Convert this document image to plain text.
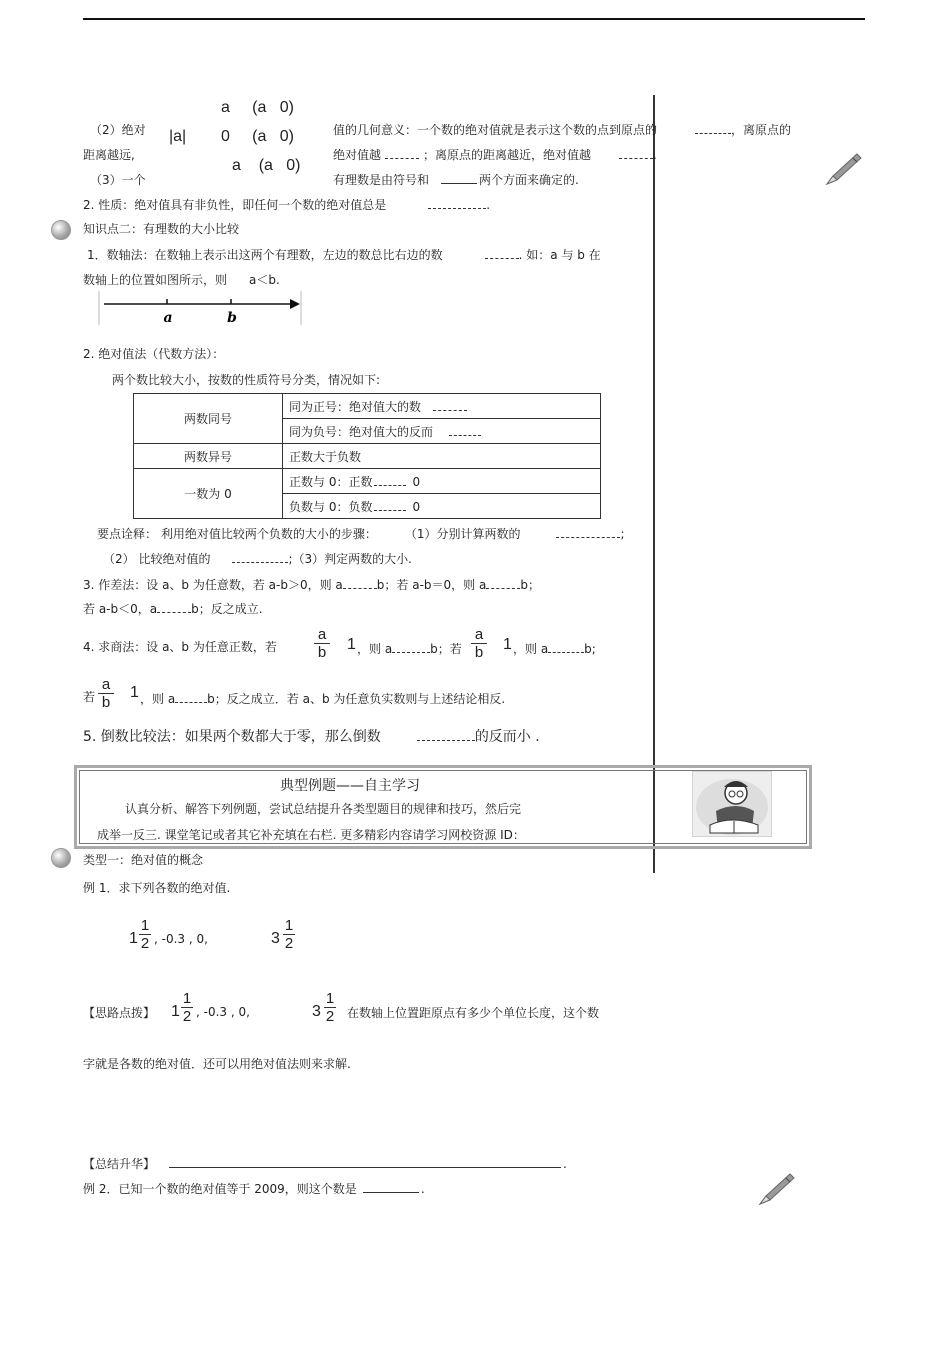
a (a 0)
（2）绝对 |a| 0 (a 0)
距离越远,
a (a 0)
（3）一个
值的几何意义：一个数的绝对值就是表示这个数的点到原点的	，离原点的
绝对值越	；离原点的距离越近，绝对值越	.
有理数是由符号和	两个方面来确定的.
2. 性质：绝对值具有非负性，即任何一个数的绝对值总是	.
知识点二：有理数的大小比较
1．数轴法：在数轴上表示出这两个有理数，左边的数总比右边的数	. 如：a 与 b 在
数轴上的位置如图所示，则 a＜b.
a	b
2. 绝对值法（代数方法）：
两个数比较大小，按数的性质符号分类，情况如下:
两数同号	同为正号：绝对值大的数
	同为负号：绝对值大的反而
两数异号	正数大于负数
一数为 0	正数与 0：正数 0
	负数与 0：负数 0
要点诠释： 利用绝对值比较两个负数的大小的步骤：	（1）分别计算两数的	;
（2） 比较绝对值的	;（3）判定两数的大小.
3. 作差法：设 a、b 为任意数，若 a-b＞0，则 a	b；若 a-b＝0，则 a	b；
若 a-b＜0，a	b；反之成立.
4. 求商法：设 a、b 为任意正数，若 $\frac{a}{b} 1$ ，则 a	b；若 $\frac{a}{b} 1$ ，则 a	b;
若 $\frac{a}{b} 1$ ，则 a	b；反之成立．若 a、b 为任意负实数则与上述结论相反.
5. 倒数比较法：如果两个数都大于零，那么倒数	的反而小 .
典型例题——自主学习
认真分析、解答下列例题，尝试总结提升各类型题目的规律和技巧，然后完
成举一反三. 课堂笔记或者其它补充填在右栏. 更多精彩内容请学习网校资源 ID：
类型一：绝对值的概念
例 1．求下列各数的绝对值.
$1 \frac{1}{2}$ , -0.3 , 0,	$3 \frac{1}{2}$
【思路点拨】 $1 \frac{1}{2}$ , -0.3 , 0,	$3 \frac{1}{2}$ 在数轴上位置距原点有多少个单位长度，这个数
字就是各数的绝对值．还可以用绝对值法则来求解.
【总结升华】	.
例 2．已知一个数的绝对值等于 2009，则这个数是	.
